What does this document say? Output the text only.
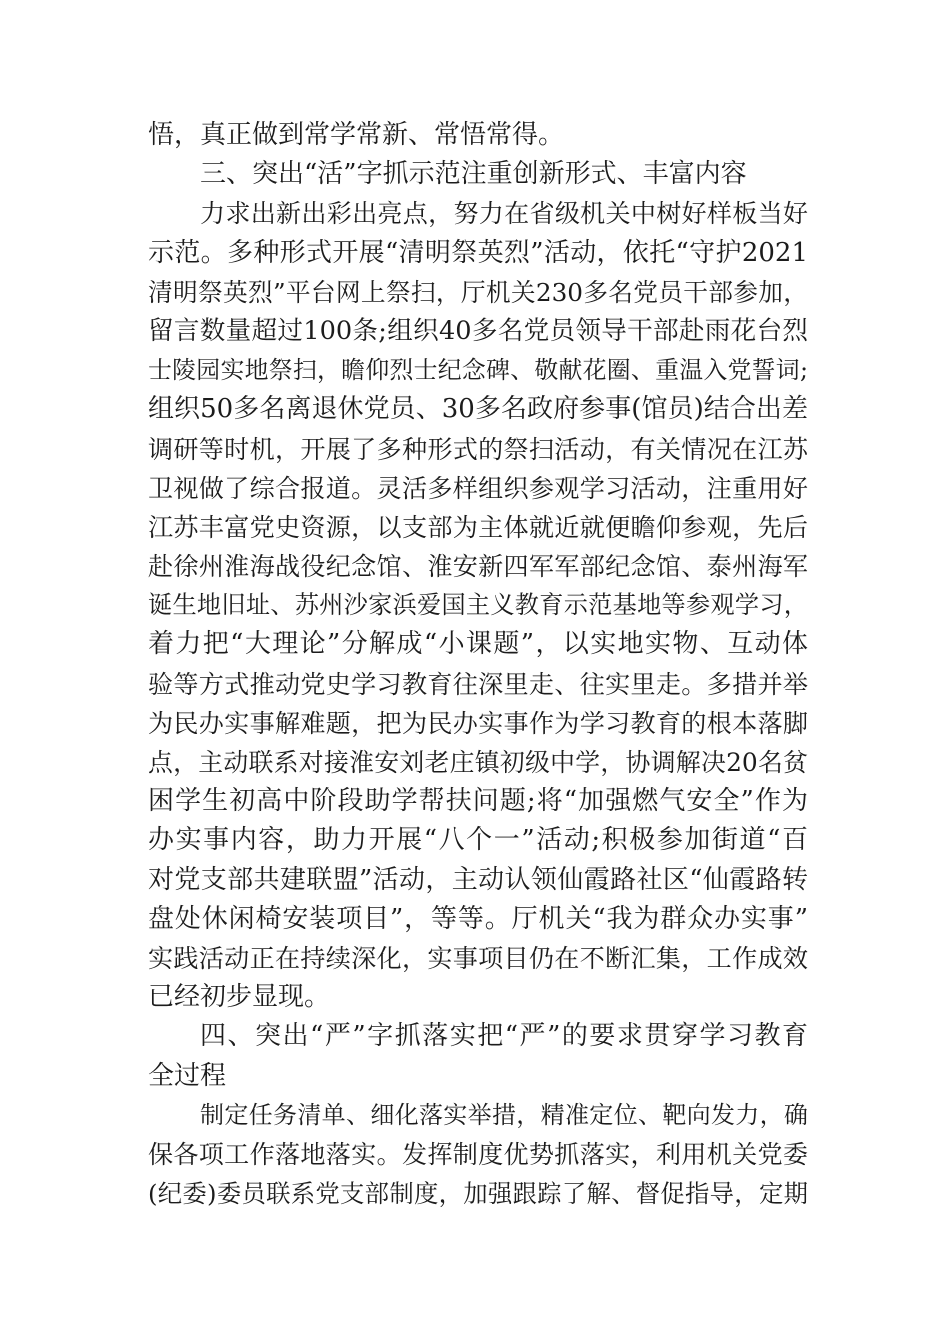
悟，真正做到常学常新、常悟常得。
三、突出“活”字抓示范注重创新形式、丰富内容
力求出新出彩出亮点，努力在省级机关中树好样板当好
示范。多种形式开展“清明祭英烈”活动，依托“守护2021
清明祭英烈”平台网上祭扫，厅机关230多名党员干部参加，
留言数量超过100条;组织40多名党员领导干部赴雨花台烈
士陵园实地祭扫，瞻仰烈士纪念碑、敬献花圈、重温入党誓词;
组织50多名离退休党员、30多名政府参事(馆员)结合出差
调研等时机，开展了多种形式的祭扫活动，有关情况在江苏
卫视做了综合报道。灵活多样组织参观学习活动，注重用好
江苏丰富党史资源，以支部为主体就近就便瞻仰参观，先后
赴徐州淮海战役纪念馆、淮安新四军军部纪念馆、泰州海军
诞生地旧址、苏州沙家浜爱国主义教育示范基地等参观学习，
着力把“大理论”分解成“小课题”，以实地实物、互动体
验等方式推动党史学习教育往深里走、往实里走。多措并举
为民办实事解难题，把为民办实事作为学习教育的根本落脚
点，主动联系对接淮安刘老庄镇初级中学，协调解决20名贫
困学生初高中阶段助学帮扶问题;将“加强燃气安全”作为
办实事内容，助力开展“八个一”活动;积极参加街道“百
对党支部共建联盟”活动，主动认领仙霞路社区“仙霞路转
盘处休闲椅安装项目”，等等。厅机关“我为群众办实事”
实践活动正在持续深化，实事项目仍在不断汇集，工作成效
已经初步显现。
四、突出“严”字抓落实把“严”的要求贯穿学习教育
全过程
制定任务清单、细化落实举措，精准定位、靶向发力，确
保各项工作落地落实。发挥制度优势抓落实，利用机关党委
(纪委)委员联系党支部制度，加强跟踪了解、督促指导，定期
